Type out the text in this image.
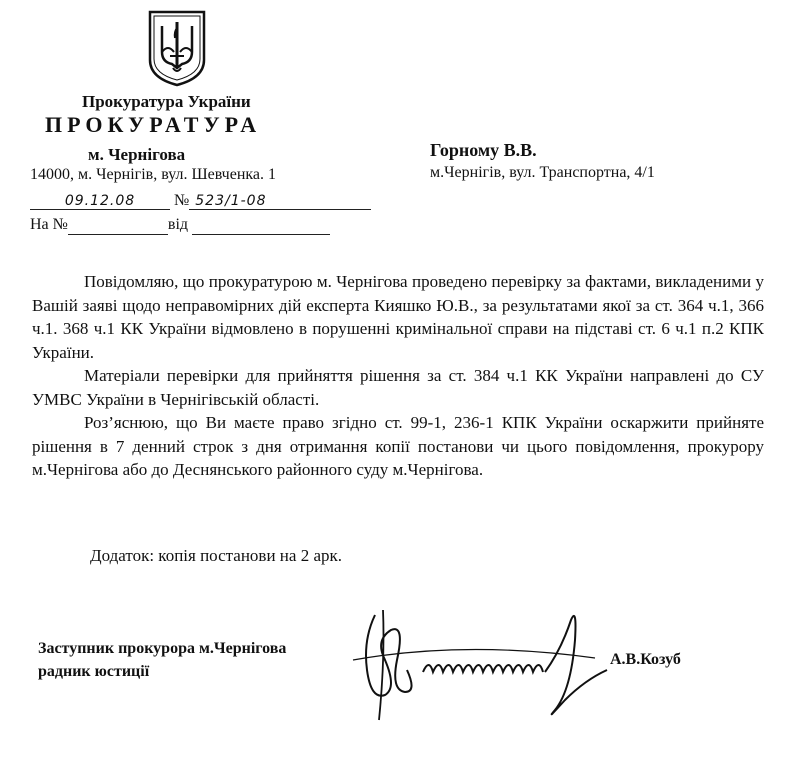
Прокуратура України
ПРОКУРАТУРА
м. Чернігова
14000, м. Чернігів, вул. Шевченка. 1
09.12.08 № 523/1-08
На №	від
Горному В.В.
м.Чернігів, вул. Транспортна, 4/1

Повідомляю, що прокуратурою м. Чернігова проведено перевірку за фактами, викладеними у Вашій заяві щодо неправомірних дій експерта Кияшко Ю.В., за результатами якої за ст. 364 ч.1, 366 ч.1. 368 ч.1 КК України відмовлено в порушенні кримінальної справи на підставі ст. 6 ч.1 п.2 КПК України.

Матеріали перевірки для прийняття рішення за ст. 384 ч.1 КК України направлені до СУ УМВС України в Чернігівській області.

Роз’яснюю, що Ви маєте право згідно ст. 99-1, 236-1 КПК України оскаржити прийняте рішення в 7 денний строк з дня отримання копії постанови чи цього повідомлення, прокурору м.Чернігова або до Деснянського районного суду м.Чернігова.

Додаток: копія постанови на 2 арк.
Заступник прокурора м.Чернігова
радник юстиції
А.В.Козуб
